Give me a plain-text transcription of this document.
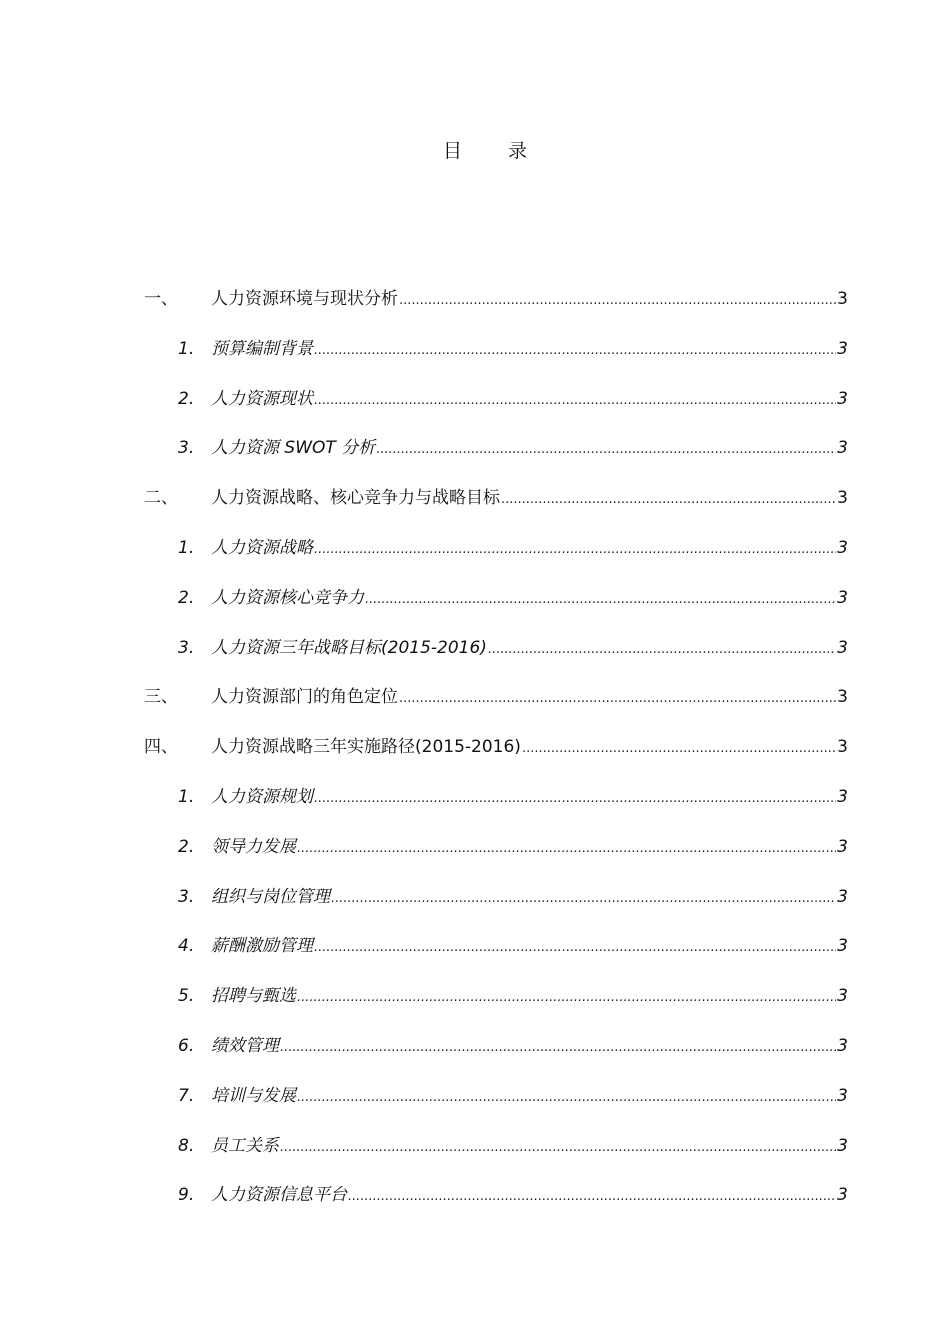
目 录
一、 人力资源环境与现状分析 .....	3
1. 预算编制背景 .....	3
2. 人力资源现状 .....	3
3. 人力资源 SWOT 分析 .....	3
二、 人力资源战略、核心竞争力与战略目标 .....	3
1. 人力资源战略 .....	3
2. 人力资源核心竞争力 .....	3
3. 人力资源三年战略目标(2015-2016) .....	3
三、 人力资源部门的角色定位 .....	3
四、 人力资源战略三年实施路径(2015-2016) .....	3
1. 人力资源规划 .....	3
2. 领导力发展 .....	3
3. 组织与岗位管理 .....	3
4. 薪酬激励管理 .....	3
5. 招聘与甄选 .....	3
6. 绩效管理 .....	3
7. 培训与发展 .....	3
8. 员工关系 .....	3
9. 人力资源信息平台 .....	3
